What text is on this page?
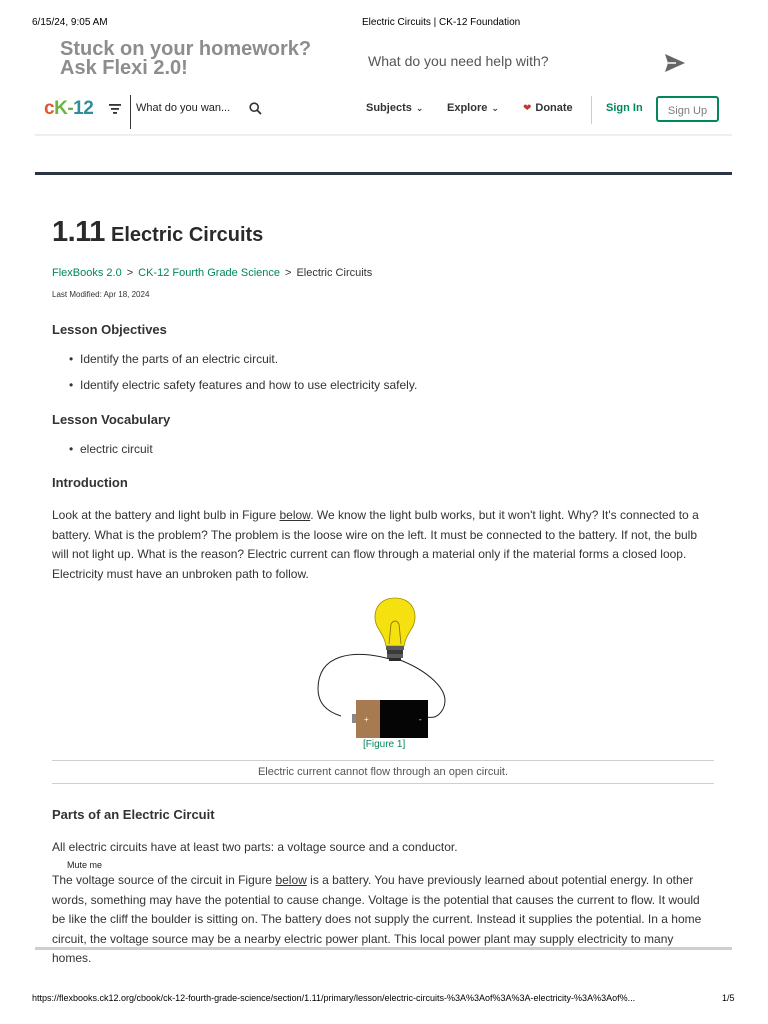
6/15/24, 9:05 AM	Electric Circuits | CK-12 Foundation
Stuck on your homework?
Ask Flexi 2.0!
What do you need help with?
cK-12
What do you wan...	Subjects ⌄ Explore ⌄ ❤ Donate	Sign In	Sign Up
1.11 Electric Circuits
FlexBooks 2.0 > CK-12 Fourth Grade Science > Electric Circuits
Last Modified: Apr 18, 2024
Lesson Objectives
• Identify the parts of an electric circuit.
• Identify electric safety features and how to use electricity safely.
Lesson Vocabulary
• electric circuit
Introduction
Look at the battery and light bulb in Figure below. We know the light bulb works, but it won't light. Why? It's connected to a battery. What is the problem? The problem is the loose wire on the left. It must be connected to the battery. If not, the bulb will not light up. What is the reason? Electric current can flow through a material only if the material forms a closed loop. Electricity must have an unbroken path to follow.
+	-
[Figure 1]
Electric current cannot flow through an open circuit.
Parts of an Electric Circuit
All electric circuits have at least two parts: a voltage source and a conductor.
The voltage source of the circuit in Figure below is a battery. You have previously learned about potential energy. In other words, something may have the potential to cause change. Voltage is the potential that causes the current to flow. It would be like the cliff the boulder is sitting on. The battery does not supply the current. Instead it supplies the potential. In a home circuit, the voltage source may be a nearby electric power plant. This local power plant may supply electricity to many homes.
Mute me
https://flexbooks.ck12.org/cbook/ck-12-fourth-grade-science/section/1.11/primary/lesson/electric-circuits-%3A%3Aof%3A%3A-electricity-%3A%3Aof%...	1/5
